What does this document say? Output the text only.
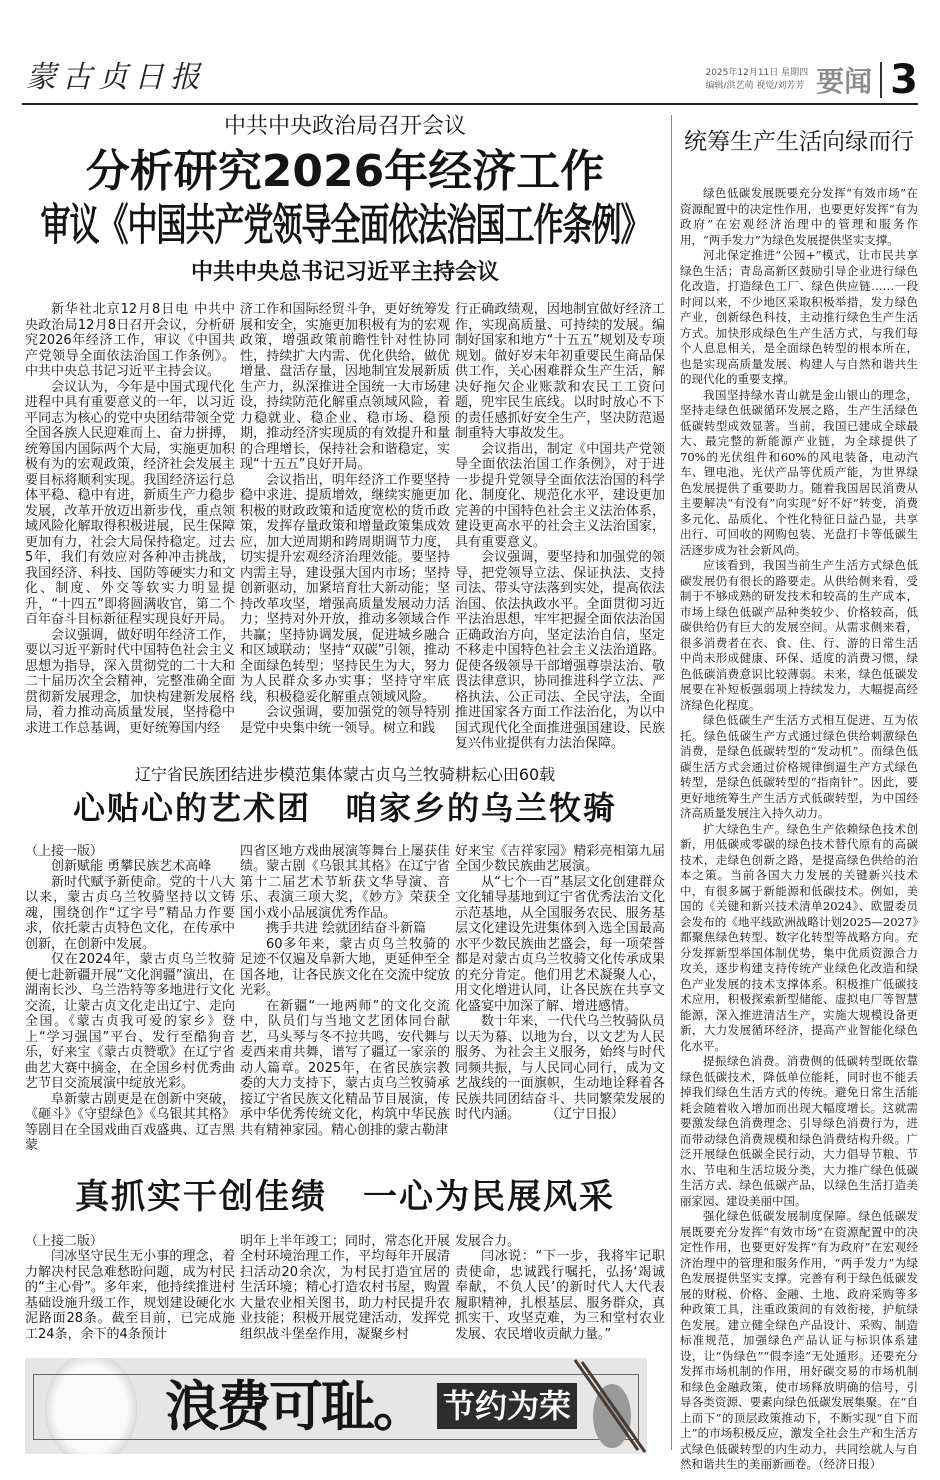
蒙古贞日报	2025年12月11日 星期四
编辑/洪艺萌 视觉/刘芳芳 要闻 3
中共中央政治局召开会议
分析研究2026年经济工作
审议《中国共产党领导全面依法治国工作条例》
中共中央总书记习近平主持会议

新华社北京12月8日电 中共中央政治局12月8日召开会议，分析研究2026年经济工作，审议《中国共产党领导全面依法治国工作条例》。中共中央总书记习近平主持会议。

会议认为，今年是中国式现代化进程中具有重要意义的一年，以习近平同志为核心的党中央团结带领全党全国各族人民迎难而上、奋力拼搏，统筹国内国际两个大局，实施更加积极有为的宏观政策，经济社会发展主要目标将顺利实现。我国经济运行总体平稳、稳中有进，新质生产力稳步发展，改革开放迈出新步伐，重点领域风险化解取得积极进展，民生保障更加有力，社会大局保持稳定。过去5年，我们有效应对各种冲击挑战，我国经济、科技、国防等硬实力和文化、制度、外交等软实力明显提升，“十四五”即将圆满收官，第二个百年奋斗目标新征程实现良好开局。

会议强调，做好明年经济工作，要以习近平新时代中国特色社会主义思想为指导，深入贯彻党的二十大和二十届历次全会精神，完整准确全面贯彻新发展理念，加快构建新发展格局，着力推动高质量发展，坚持稳中求进工作总基调，更好统筹国内经

济工作和国际经贸斗争，更好统筹发展和安全，实施更加积极有为的宏观政策，增强政策前瞻性针对性协同性，持续扩大内需、优化供给，做优增量、盘活存量，因地制宜发展新质生产力，纵深推进全国统一大市场建设，持续防范化解重点领域风险，着力稳就业、稳企业、稳市场、稳预期，推动经济实现质的有效提升和量的合理增长，保持社会和谐稳定，实现“十五五”良好开局。

会议指出，明年经济工作要坚持稳中求进、提质增效，继续实施更加积极的财政政策和适度宽松的货币政策，发挥存量政策和增量政策集成效应，加大逆周期和跨周期调节力度，切实提升宏观经济治理效能。要坚持内需主导，建设强大国内市场；坚持创新驱动，加紧培育壮大新动能；坚持改革攻坚，增强高质量发展动力活力；坚持对外开放，推动多领域合作共赢；坚持协调发展，促进城乡融合和区域联动；坚持“双碳”引领，推动全面绿色转型；坚持民生为大，努力为人民群众多办实事；坚持守牢底线，积极稳妥化解重点领域风险。

会议强调，要加强党的领导特别是党中央集中统一领导。树立和践

行正确政绩观，因地制宜做好经济工作，实现高质量、可持续的发展。编制好国家和地方“十五五”规划及专项规划。做好岁末年初重要民生商品保供工作，关心困难群众生产生活，解决好拖欠企业账款和农民工工资问题，兜牢民生底线。以时时放心不下的责任感抓好安全生产，坚决防范遏制重特大事故发生。

会议指出，制定《中国共产党领导全面依法治国工作条例》，对于进一步提升党领导全面依法治国的科学化、制度化、规范化水平，建设更加完善的中国特色社会主义法治体系，建设更高水平的社会主义法治国家，具有重要意义。

会议强调，要坚持和加强党的领导，把党领导立法、保证执法、支持司法、带头守法落到实处，提高依法治国、依法执政水平。全面贯彻习近平法治思想，牢牢把握全面依法治国正确政治方向，坚定法治自信，坚定不移走中国特色社会主义法治道路。促使各级领导干部增强尊崇法治、敬畏法律意识，协同推进科学立法、严格执法、公正司法、全民守法，全面推进国家各方面工作法治化，为以中国式现代化全面推进强国建设、民族复兴伟业提供有力法治保障。

辽宁省民族团结进步模范集体蒙古贞乌兰牧骑耕耘心田60载
心贴心的艺术团　咱家乡的乌兰牧骑

（上接一版）

创新赋能 勇攀民族艺术高峰

新时代赋予新使命。党的十八大以来，蒙古贞乌兰牧骑坚持以文铸魂，围绕创作“辽字号”精品力作要求，依托蒙古贞特色文化，在传承中创新，在创新中发展。

仅在2024年，蒙古贞乌兰牧骑便七赴新疆开展“文化润疆”演出，在湖南长沙、乌兰浩特等多地进行文化交流，让蒙古贞文化走出辽宁、走向全国。《蒙古贞我可爱的家乡》登上“学习强国”平台、发行至酷狗音乐，好来宝《蒙古贞赞歌》在辽宁省曲艺大赛中摘金，在全国乡村优秀曲艺节目交流展演中绽放光彩。

阜新蒙古剧更是在创新中突破，《砸斗》《守望绿色》《乌银其其格》等剧目在全国戏曲百戏盛典、辽吉黑蒙

四省区地方戏曲展演等舞台上屡获佳绩。蒙古剧《乌银其其格》在辽宁省第十二届艺术节斩获文华导演、音乐、表演三项大奖，《妙方》荣获全国小戏小品展演优秀作品。

携手共进 绘就团结奋斗新篇

60多年来，蒙古贞乌兰牧骑的足迹不仅遍及阜新大地，更延伸至全国各地，让各民族文化在交流中绽放光彩。

在新疆“一地两师”的文化交流中，队员们与当地文艺团体同台献艺，马头琴与冬不拉共鸣，安代舞与麦西来甫共舞，谱写了疆辽一家亲的动人篇章。2025年，在省民族宗教委的大力支持下，蒙古贞乌兰牧骑承接辽宁省民族文化精品节目展演，传承中华优秀传统文化，构筑中华民族共有精神家园。精心创排的蒙古勒津

好来宝《吉祥家园》精彩亮相第九届全国少数民族曲艺展演。

从“七个一百”基层文化创建群众文化辅导基地到辽宁省优秀法治文化示范基地，从全国服务农民、服务基层文化建设先进集体到入选全国最高水平少数民族曲艺盛会，每一项荣誉都是对蒙古贞乌兰牧骑文化传承成果的充分肯定。他们用艺术凝聚人心，用文化增进认同，让各民族在共享文化盛宴中加深了解、增进感情。

数十年来，一代代乌兰牧骑队员以天为幕、以地为台，以文艺为人民服务、为社会主义服务，始终与时代同频共振，与人民同心同行，成为文艺战线的一面旗帜，生动地诠释着各民族共同团结奋斗、共同繁荣发展的时代内涵。　　　（辽宁日报）

真抓实干创佳绩　一心为民展风采

（上接二版）

闫冰坚守民生无小事的理念，着力解决村民急难愁盼问题，成为村民的“主心骨”。多年来，他持续推进村基础设施升级工作，规划建设硬化水泥路面28条。截至目前，已完成施工24条，余下的4条预计

明年上半年竣工；同时，常态化开展全村环境治理工作，平均每年开展清扫活动20余次，为村民打造宜居的生活环境；精心打造农村书屋，购置大量农业相关图书，助力村民提升农业技能；积极开展党建活动，发挥党组织战斗堡垒作用，凝聚乡村

发展合力。

闫冰说：“下一步，我将牢记职责使命，忠诚践行嘱托，弘扬‘竭诚奉献，不负人民’的新时代人大代表履职精神，扎根基层、服务群众，真抓实干、攻坚克难，为三和堂村农业发展、农民增收贡献力量。”

浪费可耻。 节约为荣
统筹生产生活向绿而行

绿色低碳发展既要充分发挥“有效市场”在资源配置中的决定性作用，也要更好发挥“有为政府”在宏观经济治理中的管理和服务作用，“两手发力”为绿色发展提供坚实支撑。

河北保定推进“公园+”模式，让市民共享绿色生活；青岛高新区鼓励引导企业进行绿色化改造，打造绿色工厂、绿色供应链……一段时间以来，不少地区采取积极举措，发力绿色产业，创新绿色科技，主动推行绿色生产生活方式。加快形成绿色生产生活方式，与我们每个人息息相关，是全面绿色转型的根本所在，也是实现高质量发展、构建人与自然和谐共生的现代化的重要支撑。

我国坚持绿水青山就是金山银山的理念，坚持走绿色低碳循环发展之路，生产生活绿色低碳转型成效显著。当前，我国已建成全球最大、最完整的新能源产业链，为全球提供了70%的光伏组件和60%的风电装备，电动汽车、锂电池、光伏产品等优质产能，为世界绿色发展提供了重要助力。随着我国居民消费从主要解决“有没有”向实现“好不好”转变，消费多元化、品质化、个性化特征日益凸显，共享出行、可回收的网购包装、光盘打卡等低碳生活逐步成为社会新风尚。

应该看到，我国当前生产生活方式绿色低碳发展仍有很长的路要走。从供给侧来看，受制于不够成熟的研发技术和较高的生产成本，市场上绿色低碳产品种类较少、价格较高，低碳供给仍有巨大的发展空间。从需求侧来看，很多消费者在衣、食、住、行、游的日常生活中尚未形成健康、环保、适度的消费习惯，绿色低碳消费意识比较薄弱。未来，绿色低碳发展要在补短板强弱项上持续发力，大幅提高经济绿色化程度。

绿色低碳生产生活方式相互促进、互为依托。绿色低碳生产方式通过绿色供给刺激绿色消费，是绿色低碳转型的“发动机”。而绿色低碳生活方式会通过价格规律倒逼生产方式绿色转型，是绿色低碳转型的“指南针”。因此，要更好地统筹生产生活方式低碳转型，为中国经济高质量发展注入持久动力。

扩大绿色生产。绿色生产依赖绿色技术创新，用低碳或零碳的绿色技术替代原有的高碳技术，走绿色创新之路，是提高绿色供给的治本之策。当前各国大力发展的关键新兴技术中，有很多属于新能源和低碳技术。例如，美国的《关键和新兴技术清单2024》、欧盟委员会发布的《地平线欧洲战略计划2025—2027》都聚焦绿色转型、数字化转型等战略方向。充分发挥新型举国体制优势，集中优质资源合力攻关，逐步构建支持传统产业绿色化改造和绿色产业发展的技术支撑体系。积极推广低碳技术应用，积极探索新型储能、虚拟电厂等智慧能源，深入推进清洁生产，实施大规模设备更新，大力发展循环经济，提高产业智能化绿色化水平。

提振绿色消费。消费侧的低碳转型既依靠绿色低碳技术，降低单位能耗，同时也不能丢掉我们绿色生活方式的传统。避免日常生活能耗会随着收入增加而出现大幅度增长。这就需要激发绿色消费理念、引导绿色消费行为，进而带动绿色消费规模和绿色消费结构升级。广泛开展绿色低碳全民行动，大力倡导节粮、节水、节电和生活垃圾分类，大力推广绿色低碳生活方式、绿色低碳产品，以绿色生活打造美丽家园、建设美丽中国。

强化绿色低碳发展制度保障。绿色低碳发展既要充分发挥“有效市场”在资源配置中的决定性作用，也要更好发挥“有为政府”在宏观经济治理中的管理和服务作用，“两手发力”为绿色发展提供坚实支撑。完善有利于绿色低碳发展的财税、价格、金融、土地、政府采购等多种政策工具，注重政策间的有效衔接，护航绿色发展。建立健全绿色产品设计、采购、制造标准规范，加强绿色产品认证与标识体系建设，让“伪绿色”“假李逵”无处遁形。还要充分发挥市场机制的作用，用好碳交易的市场机制和绿色金融政策，使市场释放明确的信号，引导各类资源、要素向绿色低碳发展集聚。在“自上而下”的顶层政策推动下，不断实现“自下而上”的市场积极反应，激发全社会生产和生活方式绿色低碳转型的内生动力，共同绘就人与自然和谐共生的美丽新画卷。（经济日报）
